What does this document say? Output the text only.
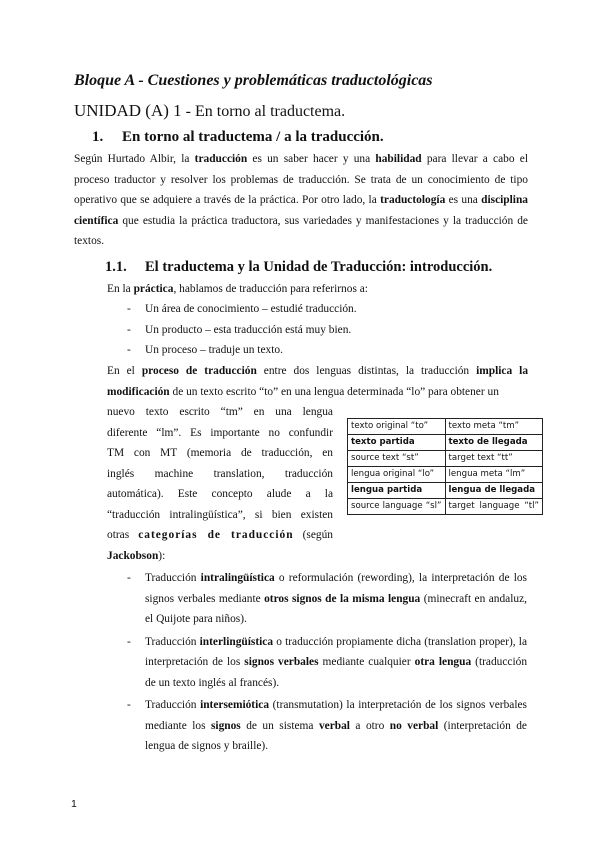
Bloque A - Cuestiones y problemáticas traductológicas
UNIDAD (A) 1 - En torno al traductema.
1. En torno al traductema / a la traducción.

Según Hurtado Albir, la traducción es un saber hacer y una habilidad para llevar a cabo el proceso traductor y resolver los problemas de traducción. Se trata de un conocimiento de tipo operativo que se adquiere a través de la práctica. Por otro lado, la traductología es una disciplina científica que estudia la práctica traductora, sus variedades y manifestaciones y la traducción de textos.

1.1. El traductema y la Unidad de Traducción: introducción.

En la práctica, hablamos de traducción para referirnos a:

- Un área de conocimiento – estudié traducción.
- Un producto – esta traducción está muy bien.
- Un proceso – traduje un texto.

En el proceso de traducción entre dos lenguas distintas, la traducción implica la modificación de un texto escrito “to” en una lengua determinada “lo” para obtener un

nuevo texto escrito “tm” en una lengua

diferente “lm”. Es importante no confundir

TM con MT (memoria de traducción, en

inglés machine translation, traducción

automática). Este concepto alude a la

“traducción intralingüística”, si bien existen

otras categorías de traducción (según

Jackobson):

texto original “to”	texto meta “tm”
texto partida	texto de llegada
source text “st”	target text “tt”
lengua original “lo”	lengua meta “lm”
lengua partida	lengua de llegada
source language “sl”	target language “tl”
- Traducción intralingüística o reformulación (rewording), la interpretación de los signos verbales mediante otros signos de la misma lengua (minecraft en andaluz, el Quijote para niños).
- Traducción interlingüística o traducción propiamente dicha (translation proper), la interpretación de los signos verbales mediante cualquier otra lengua (traducción de un texto inglés al francés).
- Traducción intersemiótica (transmutation) la interpretación de los signos verbales mediante los signos de un sistema verbal a otro no verbal (interpretación de lengua de signos y braille).
1
